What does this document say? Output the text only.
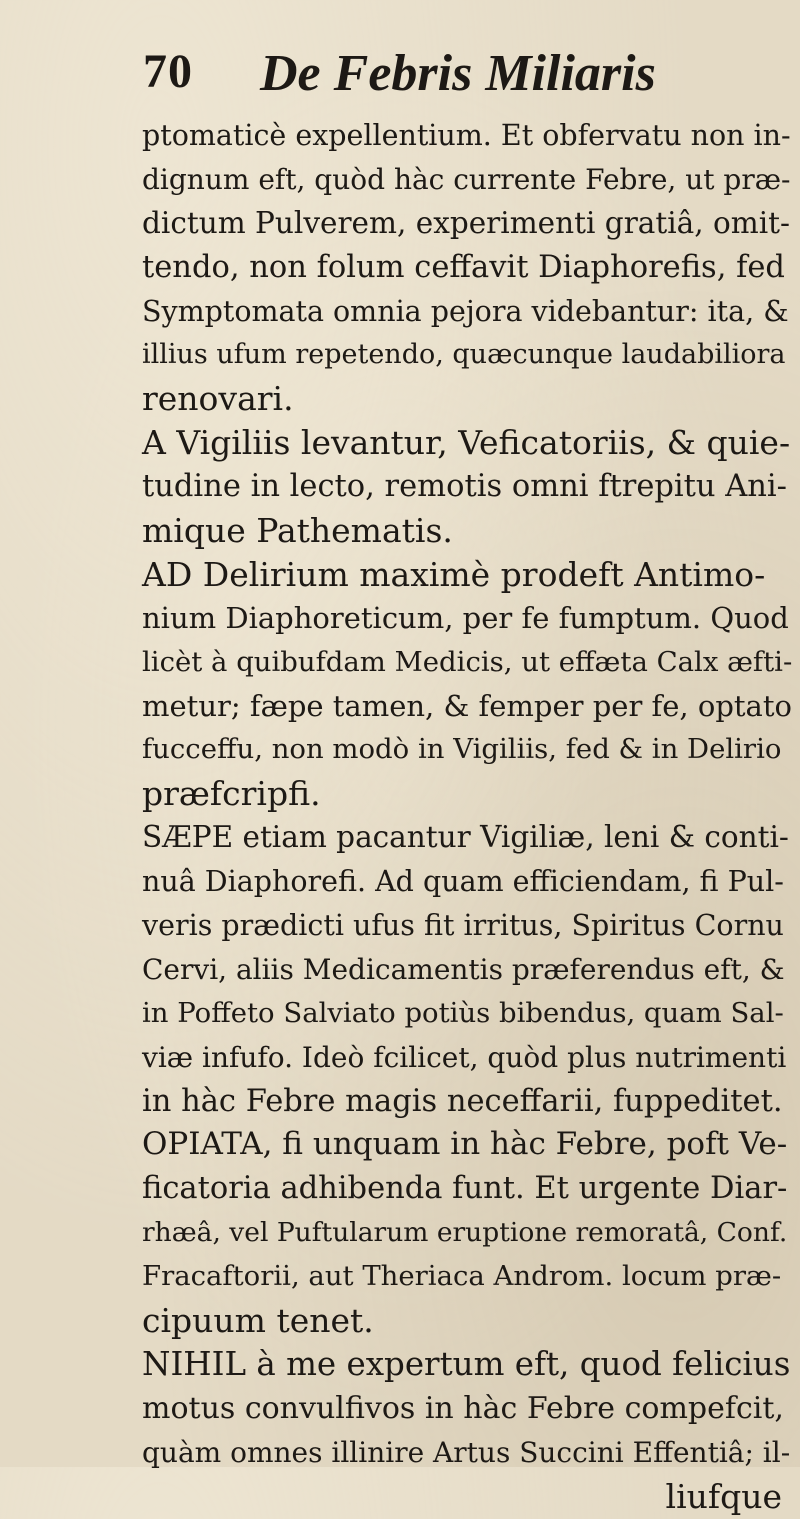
70 De Febris Miliaris
ptomaticè expellentium. Et obfervatu non in-
dignum eft, quòd hàc currente Febre, ut præ-
dictum Pulverem, experimenti gratiâ, omit-
tendo, non folum ceffavit Diaphorefis, fed
Symptomata omnia pejora videbantur: ita, &
illius ufum repetendo, quæcunque laudabiliora
renovari.
A Vigiliis levantur, Veficatoriis, & quie-
tudine in lecto, remotis omni ftrepitu Ani-
mique Pathematis.
AD Delirium maximè prodeft Antimo-
nium Diaphoreticum, per fe fumptum. Quod
licèt à quibufdam Medicis, ut effæta Calx æfti-
metur; fæpe tamen, & femper per fe, optato
fucceffu, non modò in Vigiliis, fed & in Delirio
præfcripfi.
SÆPE etiam pacantur Vigiliæ, leni & conti-
nuâ Diaphorefi. Ad quam efficiendam, fi Pul-
veris prædicti ufus fit irritus, Spiritus Cornu
Cervi, aliis Medicamentis præferendus eft, &
in Poffeto Salviato potiùs bibendus, quam Sal-
viæ infufo. Ideò fcilicet, quòd plus nutrimenti
in hàc Febre magis neceffarii, fuppeditet.
OPIATA, fi unquam in hàc Febre, poft Ve-
ficatoria adhibenda funt. Et urgente Diar-
rhæâ, vel Puftularum eruptione remoratâ, Conf.
Fracaftorii, aut Theriaca Androm. locum præ-
cipuum tenet.
NIHIL à me expertum eft, quod felicius
motus convulfivos in hàc Febre compefcit,
quàm omnes illinire Artus Succini Effentiâ; il-
liufque
